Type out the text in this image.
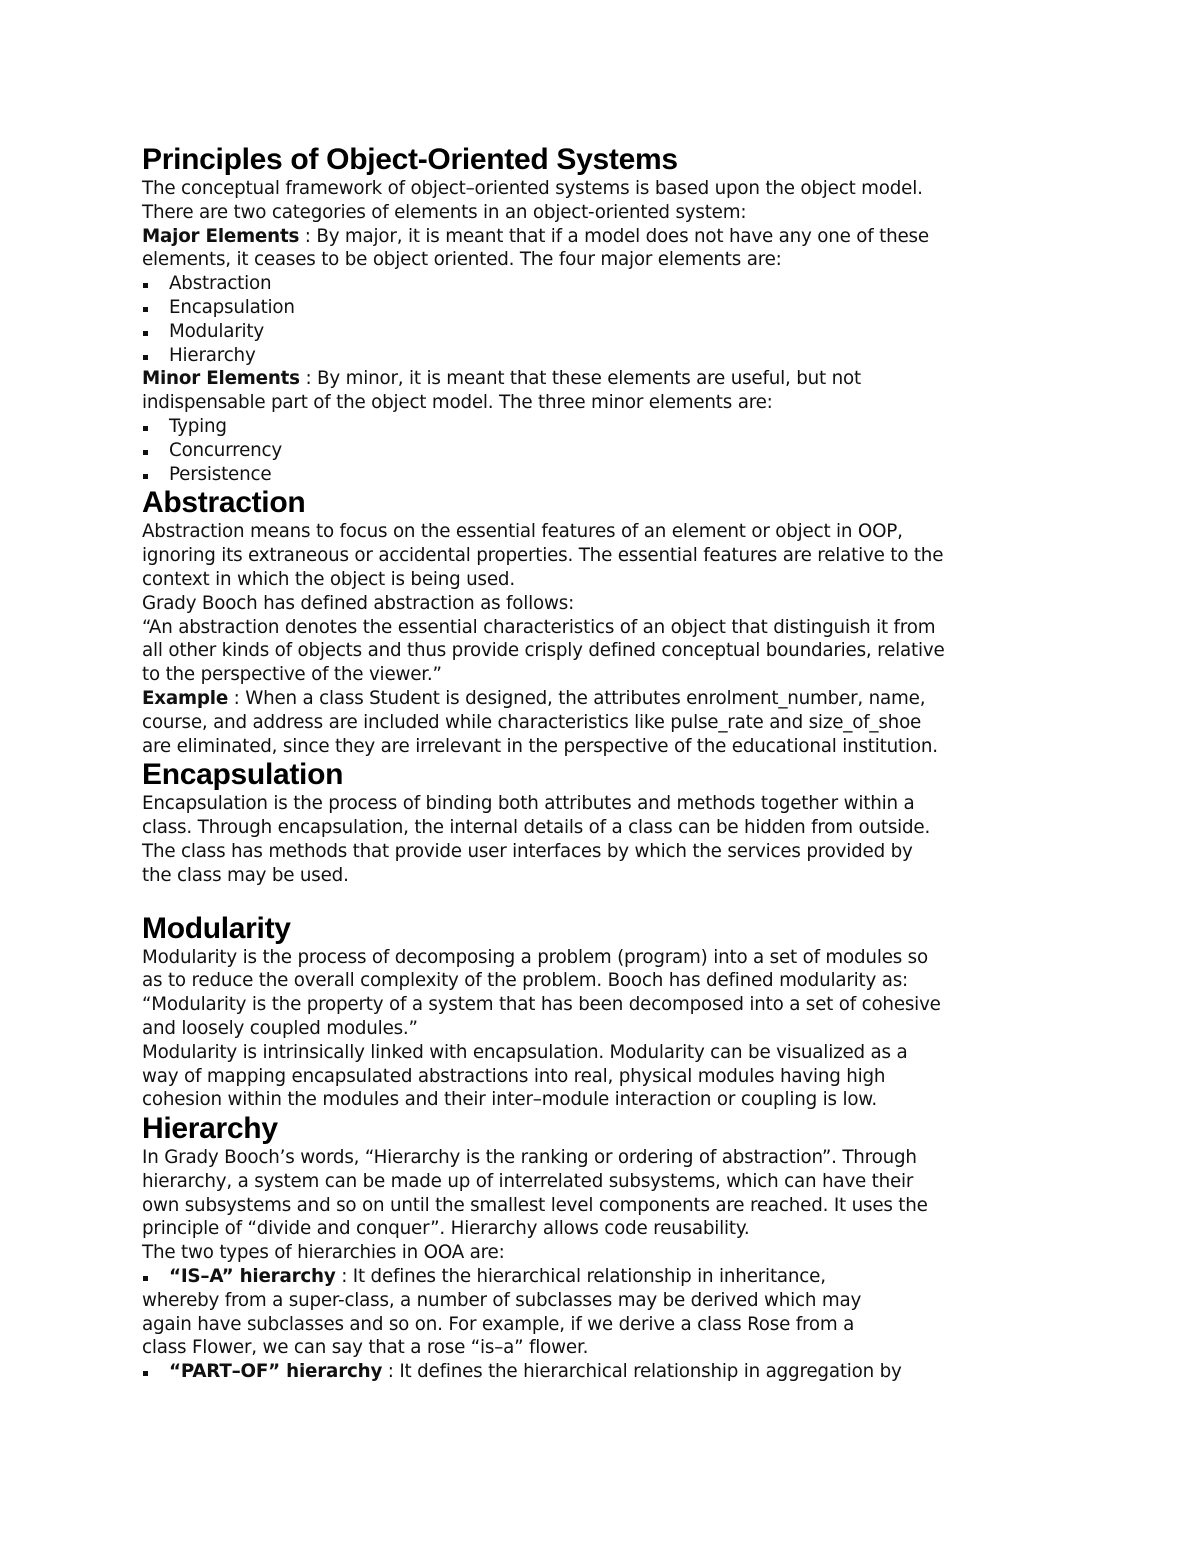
Principles of Object-Oriented Systems

The conceptual framework of object–oriented systems is based upon the object model.

There are two categories of elements in an object-oriented system:

Major Elements : By major, it is meant that if a model does not have any one of these

elements, it ceases to be object oriented. The four major elements are:

Abstraction
Encapsulation
Modularity
Hierarchy

Minor Elements : By minor, it is meant that these elements are useful, but not

indispensable part of the object model. The three minor elements are:

Typing
Concurrency
Persistence
Abstraction

Abstraction means to focus on the essential features of an element or object in OOP,

ignoring its extraneous or accidental properties. The essential features are relative to the

context in which the object is being used.

Grady Booch has defined abstraction as follows:

“An abstraction denotes the essential characteristics of an object that distinguish it from

all other kinds of objects and thus provide crisply defined conceptual boundaries, relative

to the perspective of the viewer.”

Example : When a class Student is designed, the attributes enrolment_number, name,

course, and address are included while characteristics like pulse_rate and size_of_shoe

are eliminated, since they are irrelevant in the perspective of the educational institution.

Encapsulation

Encapsulation is the process of binding both attributes and methods together within a

class. Through encapsulation, the internal details of a class can be hidden from outside.

The class has methods that provide user interfaces by which the services provided by

the class may be used.

Modularity

Modularity is the process of decomposing a problem (program) into a set of modules so

as to reduce the overall complexity of the problem. Booch has defined modularity as:

“Modularity is the property of a system that has been decomposed into a set of cohesive

and loosely coupled modules.”

Modularity is intrinsically linked with encapsulation. Modularity can be visualized as a

way of mapping encapsulated abstractions into real, physical modules having high

cohesion within the modules and their inter–module interaction or coupling is low.

Hierarchy

In Grady Booch’s words, “Hierarchy is the ranking or ordering of abstraction”. Through

hierarchy, a system can be made up of interrelated subsystems, which can have their

own subsystems and so on until the smallest level components are reached. It uses the

principle of “divide and conquer”. Hierarchy allows code reusability.

The two types of hierarchies in OOA are:

“IS–A” hierarchy : It defines the hierarchical relationship in inheritance,

whereby from a super-class, a number of subclasses may be derived which may

again have subclasses and so on. For example, if we derive a class Rose from a

class Flower, we can say that a rose “is–a” flower.

“PART–OF” hierarchy : It defines the hierarchical relationship in aggregation by
